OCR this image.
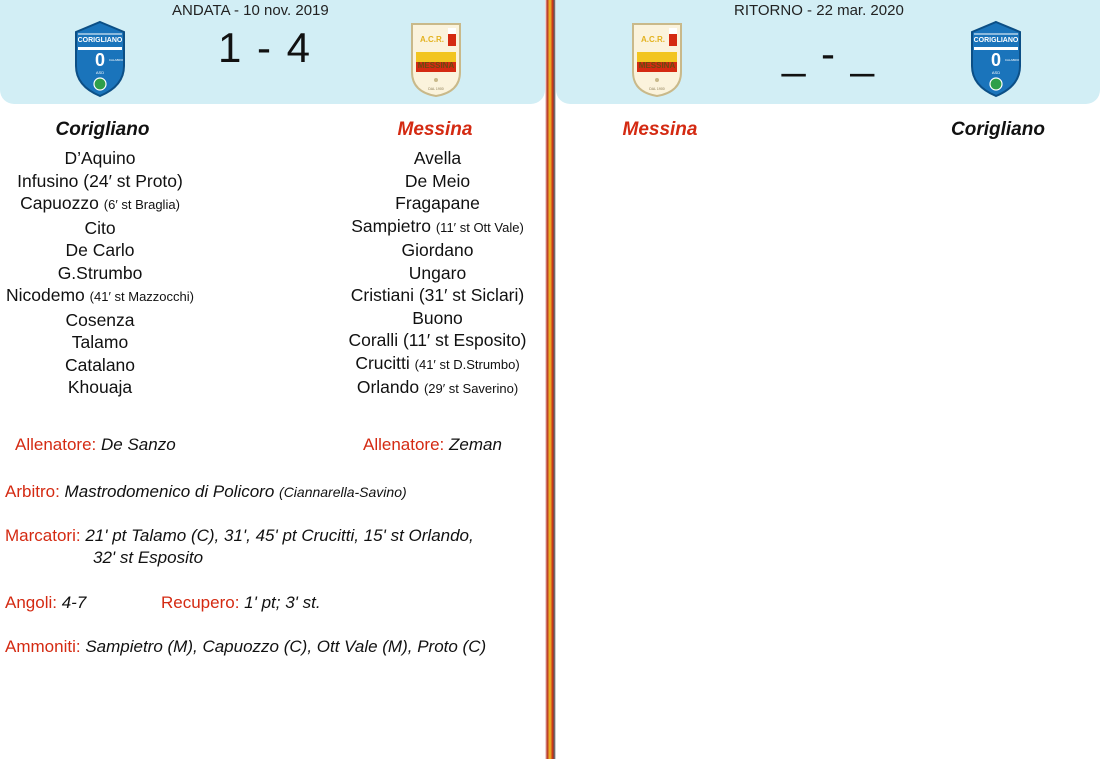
ANDATA - 10 nov. 2019
CORIGLIANO
0 CALABRO
ASD
1 - 4	A.C.R.
MESSINA
DAL 1900
RITORNO - 22 mar. 2020
A.C.R.
MESSINA
DAL 1900
_ - _	CORIGLIANO
0 CALABRO
ASD
Corigliano	Messina	Messina	Corigliano
D’Aquino
Infusino (24′ st Proto)
Capuozzo (6′ st Braglia)
Cito
De Carlo
G.Strumbo
Nicodemo (41′ st Mazzocchi)
Cosenza
Talamo
Catalano
Khouaja
Avella
De Meio
Fragapane
Sampietro (11′ st Ott Vale)
Giordano
Ungaro
Cristiani (31′ st Siclari)
Buono
Coralli (11′ st Esposito)
Crucitti (41′ st D.Strumbo)
Orlando (29′ st Saverino)
Allenatore: De Sanzo	Allenatore: Zeman
Arbitro: Mastrodomenico di Policoro (Ciannarella-Savino)
Marcatori: 21' pt Talamo (C), 31', 45' pt Crucitti, 15' st Orlando,
32' st Esposito
Angoli: 4-7	Recupero: 1' pt; 3' st.
Ammoniti: Sampietro (M), Capuozzo (C), Ott Vale (M), Proto (C)
